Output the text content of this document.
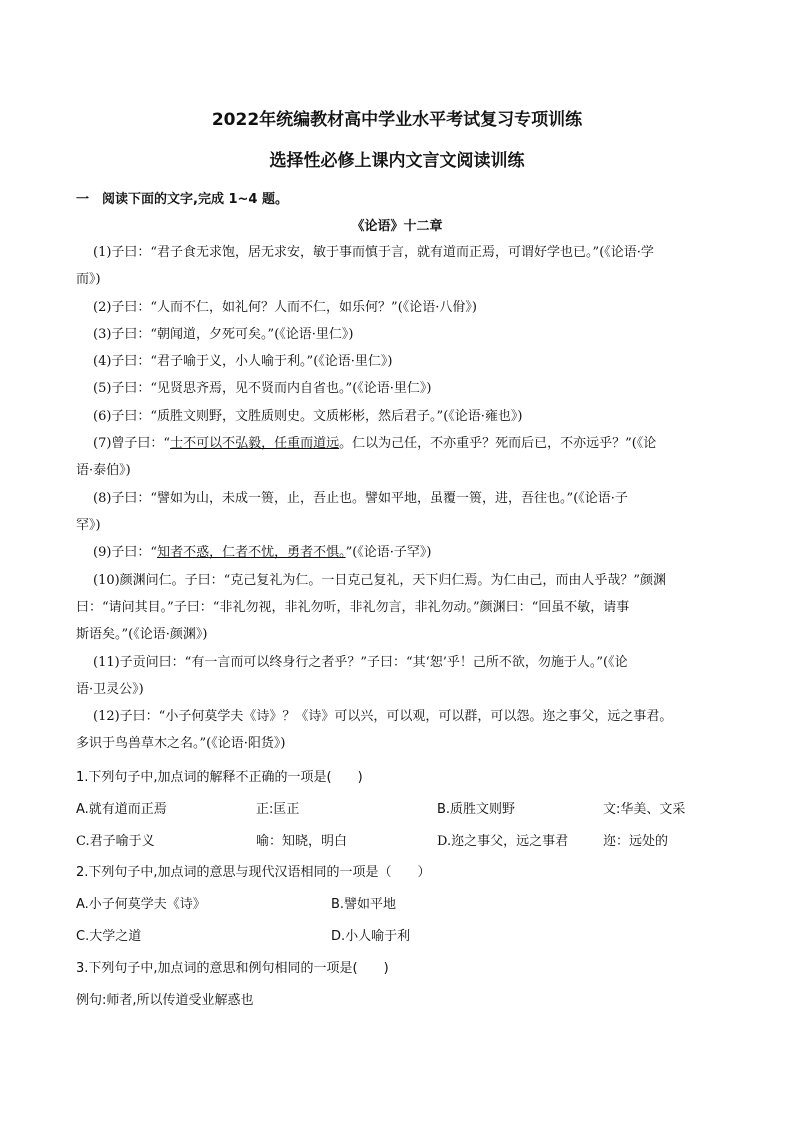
2022年统编教材高中学业水平考试复习专项训练
选择性必修上课内文言文阅读训练
一　阅读下面的文字,完成 1~4 题。
《论语》十二章
(1)子曰：“君子食无求饱，居无求安，敏于事而慎于言，就有道而正焉，可谓好学也已。”(《论语·学
而》)
(2)子曰：“人而不仁，如礼何？人而不仁，如乐何？”(《论语·八佾》)
(3)子曰：“朝闻道，夕死可矣。”(《论语·里仁》)
(4)子曰：“君子喻于义，小人喻于利。”(《论语·里仁》)
(5)子曰：“见贤思齐焉，见不贤而内自省也。”(《论语·里仁》)
(6)子曰：“质胜文则野，文胜质则史。文质彬彬，然后君子。”(《论语·雍也》)
(7)曾子曰：“士不可以不弘毅，任重而道远。仁以为己任，不亦重乎？死而后已，不亦远乎？”(《论
语·泰伯》)
(8)子曰：“譬如为山，未成一篑，止，吾止也。譬如平地，虽覆一篑，进，吾往也。”(《论语·子
罕》)
(9)子曰：“知者不惑，仁者不忧，勇者不惧。”(《论语·子罕》)
(10)颜渊问仁。子曰：“克己复礼为仁。一日克己复礼，天下归仁焉。为仁由己，而由人乎哉？”颜渊
曰：“请问其目。”子曰：“非礼勿视，非礼勿听，非礼勿言，非礼勿动。”颜渊曰：“回虽不敏，请事
斯语矣。”(《论语·颜渊》)
(11)子贡问曰：“有一言而可以终身行之者乎？”子曰：“其‘恕’乎！己所不欲，勿施于人。”(《论
语·卫灵公》)
(12)子曰：“小子何莫学夫《诗》？《诗》可以兴，可以观，可以群，可以怨。迩之事父，远之事君。
多识于鸟兽草木之名。”(《论语·阳货》)
1.下列句子中,加点词的解释不正确的一项是(　　)
A.就有道而正焉	正:匡正	B.质胜文则野	文:华美、文采
C.君子喻于义	喻：知晓，明白	D.迩之事父，远之事君	迩：远处的
2.下列句子中,加点词的意思与现代汉语相同的一项是（　　）
A.小子何莫学夫《诗》	B.譬如平地
C.大学之道	D.小人喻于利
3.下列句子中,加点词的意思和例句相同的一项是(　　)
例句:师者,所以传道受业解惑也
